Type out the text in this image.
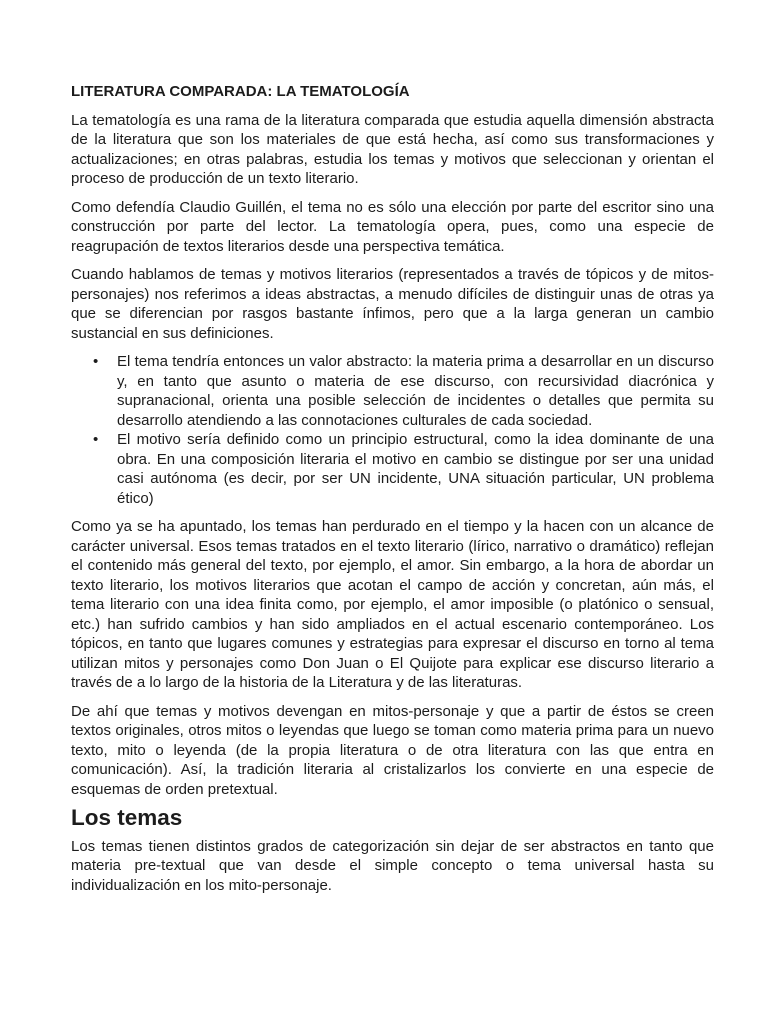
LITERATURA COMPARADA: LA TEMATOLOGÍA

La tematología es una rama de la literatura comparada que estudia aquella dimensión abstracta de la literatura que son los materiales de que está hecha, así como sus transformaciones y actualizaciones; en otras palabras, estudia los temas y motivos que seleccionan y orientan el proceso de producción de un texto literario.

Como defendía Claudio Guillén, el tema no es sólo una elección por parte del escritor sino una construcción por parte del lector. La tematología opera, pues, como una especie de reagrupación de textos literarios desde una perspectiva temática.

Cuando hablamos de temas y motivos literarios (representados a través de tópicos y de mitos-personajes) nos referimos a ideas abstractas, a menudo difíciles de distinguir unas de otras ya que se diferencian por rasgos bastante ínfimos, pero que a la larga generan un cambio sustancial en sus definiciones.

• El tema tendría entonces un valor abstracto: la materia prima a desarrollar en un discurso y, en tanto que asunto o materia de ese discurso, con recursividad diacrónica y supranacional, orienta una posible selección de incidentes o detalles que permita su desarrollo atendiendo a las connotaciones culturales de cada sociedad.
• El motivo sería definido como un principio estructural, como la idea dominante de una obra. En una composición literaria el motivo en cambio se distingue por ser una unidad casi autónoma (es decir, por ser UN incidente, UNA situación particular, UN problema ético)

Como ya se ha apuntado, los temas han perdurado en el tiempo y la hacen con un alcance de carácter universal. Esos temas tratados en el texto literario (lírico, narrativo o dramático) reflejan el contenido más general del texto, por ejemplo, el amor. Sin embargo, a la hora de abordar un texto literario, los motivos literarios que acotan el campo de acción y concretan, aún más, el tema literario con una idea finita como, por ejemplo, el amor imposible (o platónico o sensual, etc.) han sufrido cambios y han sido ampliados en el actual escenario contemporáneo. Los tópicos, en tanto que lugares comunes y estrategias para expresar el discurso en torno al tema utilizan mitos y personajes como Don Juan o El Quijote para explicar ese discurso literario a través de a lo largo de la historia de la Literatura y de las literaturas.

De ahí que temas y motivos devengan en mitos-personaje y que a partir de éstos se creen textos originales, otros mitos o leyendas que luego se toman como materia prima para un nuevo texto, mito o leyenda (de la propia literatura o de otra literatura con las que entra en comunicación). Así, la tradición literaria al cristalizarlos los convierte en una especie de esquemas de orden pretextual.

Los temas

Los temas tienen distintos grados de categorización sin dejar de ser abstractos en tanto que materia pre-textual que van desde el simple concepto o tema universal hasta su individualización en los mito-personaje.
